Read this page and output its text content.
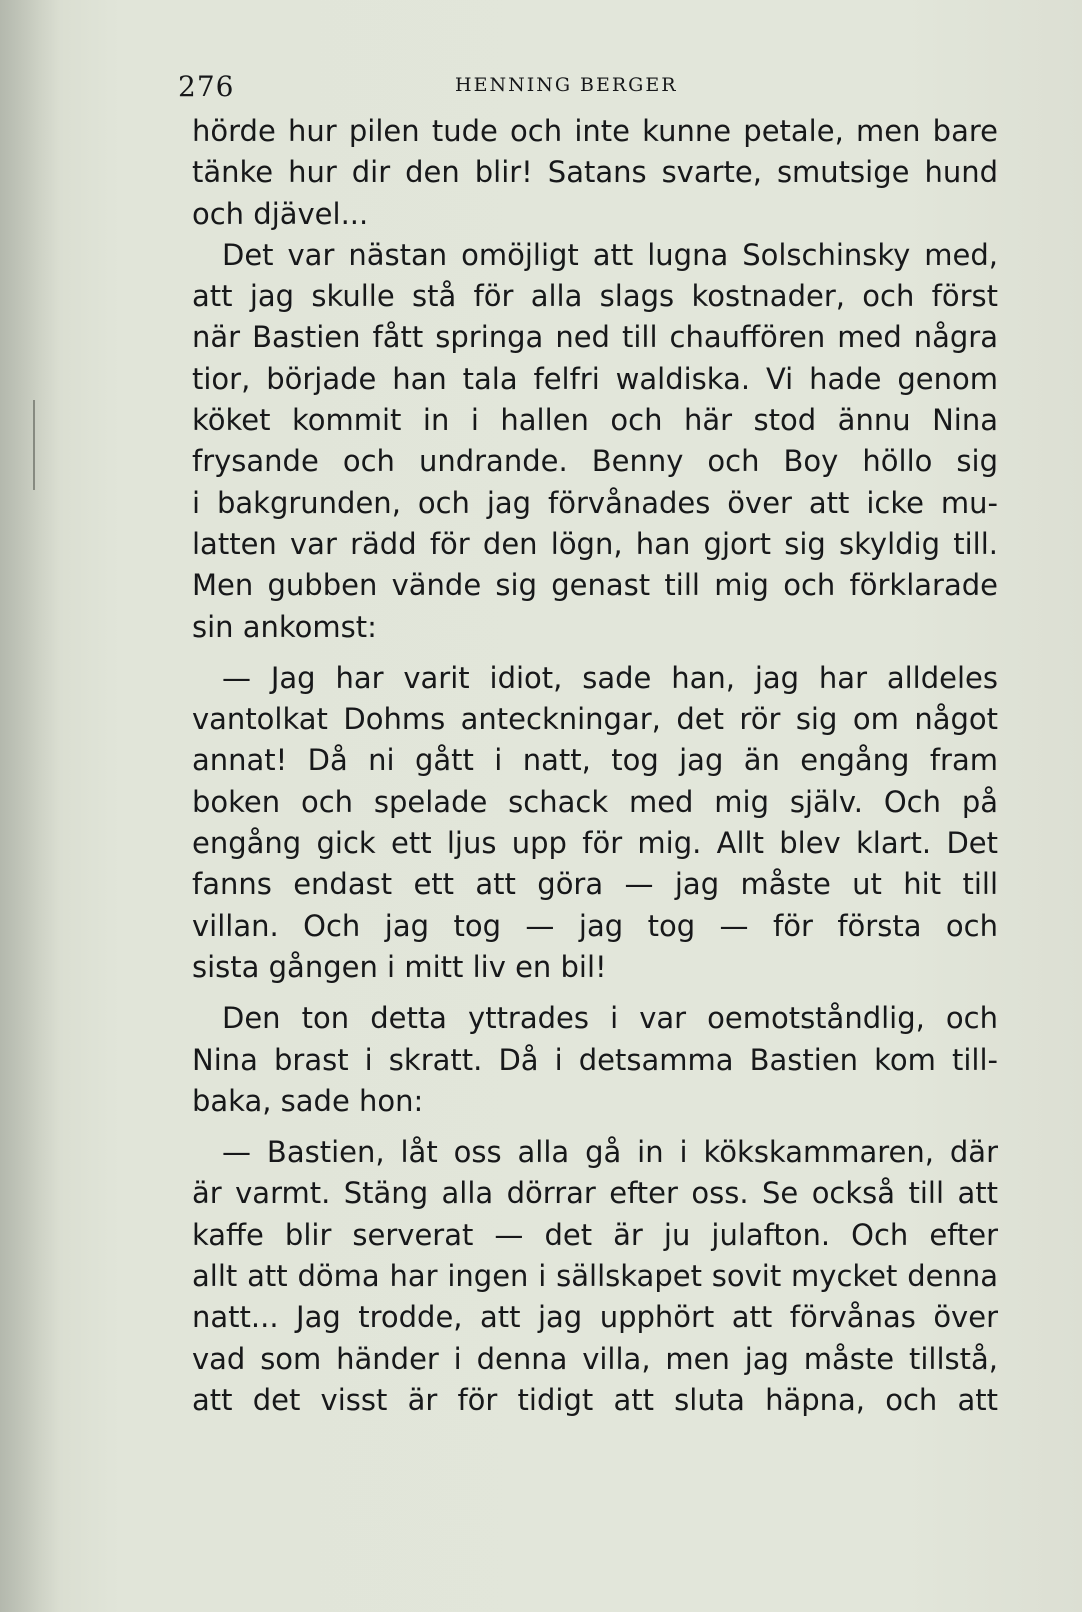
276	HENNING BERGER
hörde hur pilen tude och inte kunne petale, men bare
tänke hur dir den blir! Satans svarte, smutsige hund
och djävel...
Det var nästan omöjligt att lugna Solschinsky med,
att jag skulle stå för alla slags kostnader, och först
när Bastien fått springa ned till chauffören med några
tior, började han tala felfri waldiska. Vi hade genom
köket kommit in i hallen och här stod ännu Nina
frysande och undrande. Benny och Boy höllo sig
i bakgrunden, och jag förvånades över att icke mu-
latten var rädd för den lögn, han gjort sig skyldig till.
Men gubben vände sig genast till mig och förklarade
sin ankomst:
— Jag har varit idiot, sade han, jag har alldeles
vantolkat Dohms anteckningar, det rör sig om något
annat! Då ni gått i natt, tog jag än engång fram
boken och spelade schack med mig själv. Och på
engång gick ett ljus upp för mig. Allt blev klart. Det
fanns endast ett att göra — jag måste ut hit till
villan. Och jag tog — jag tog — för första och
sista gången i mitt liv en bil!
Den ton detta yttrades i var oemotståndlig, och
Nina brast i skratt. Då i detsamma Bastien kom till-
baka, sade hon:
— Bastien, låt oss alla gå in i kökskammaren, där
är varmt. Stäng alla dörrar efter oss. Se också till att
kaffe blir serverat — det är ju julafton. Och efter
allt att döma har ingen i sällskapet sovit mycket denna
natt... Jag trodde, att jag upphört att förvånas över
vad som händer i denna villa, men jag måste tillstå,
att det visst är för tidigt att sluta häpna, och att
